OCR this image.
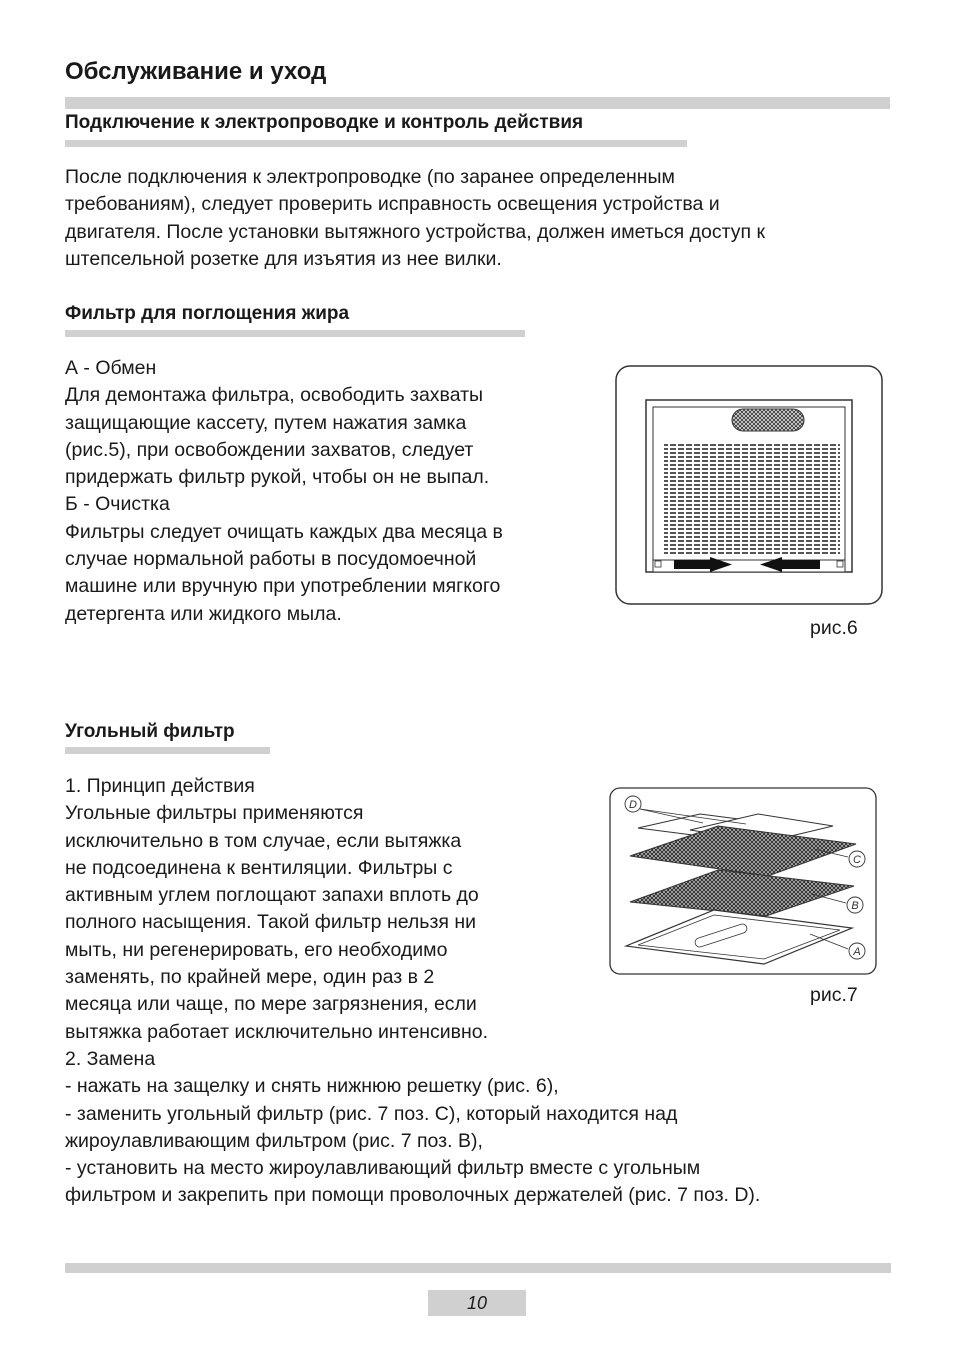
Обслуживание и уход
Подключение к электропроводке и контроль действия
После подключения к электропроводке (по заранее определенным
требованиям), следует проверить исправность освещения устройства и
двигателя. После установки вытяжного устройства, должен иметься доступ к
штепсельной розетке для изъятия из нее вилки.
Фильтр для поглощения жира
А - Обмен
Для демонтажа фильтра, освободить захваты
защищающие кассету, путем нажатия замка
(рис.5), при освобождении захватов, следует
придержать фильтр рукой, чтобы он не выпал.
Б - Очистка
Фильтры следует очищать каждых два месяца в
случае нормальной работы в посудомоечной
машине или вручную при употреблении мягкого
детергента или жидкого мыла.
рис.6
Угольный фильтр
1. Принцип действия
Угольные фильтры применяются
исключительно в том случае, если вытяжка
не подсоединена к вентиляции. Фильтры с
активным углем поглощают запахи вплоть до
полного насыщения. Такой фильтр нельзя ни
мыть, ни регенерировать, его необходимо
заменять, по крайней мере, один раз в 2
месяца или чаще, по мере загрязнения, если
вытяжка работает исключительно интенсивно.
2. Замена
- нажать на защелку и снять нижнюю решетку (рис. 6),
- заменить угольный фильтр (рис. 7 поз. С), который находится над
жироулавливающим фильтром (рис. 7 поз. В),
- установить на место жироулавливающий фильтр вместе с угольным
фильтром и закрепить при помощи проволочных держателей (рис. 7 поз. D).
D
C
B
A
рис.7
10
